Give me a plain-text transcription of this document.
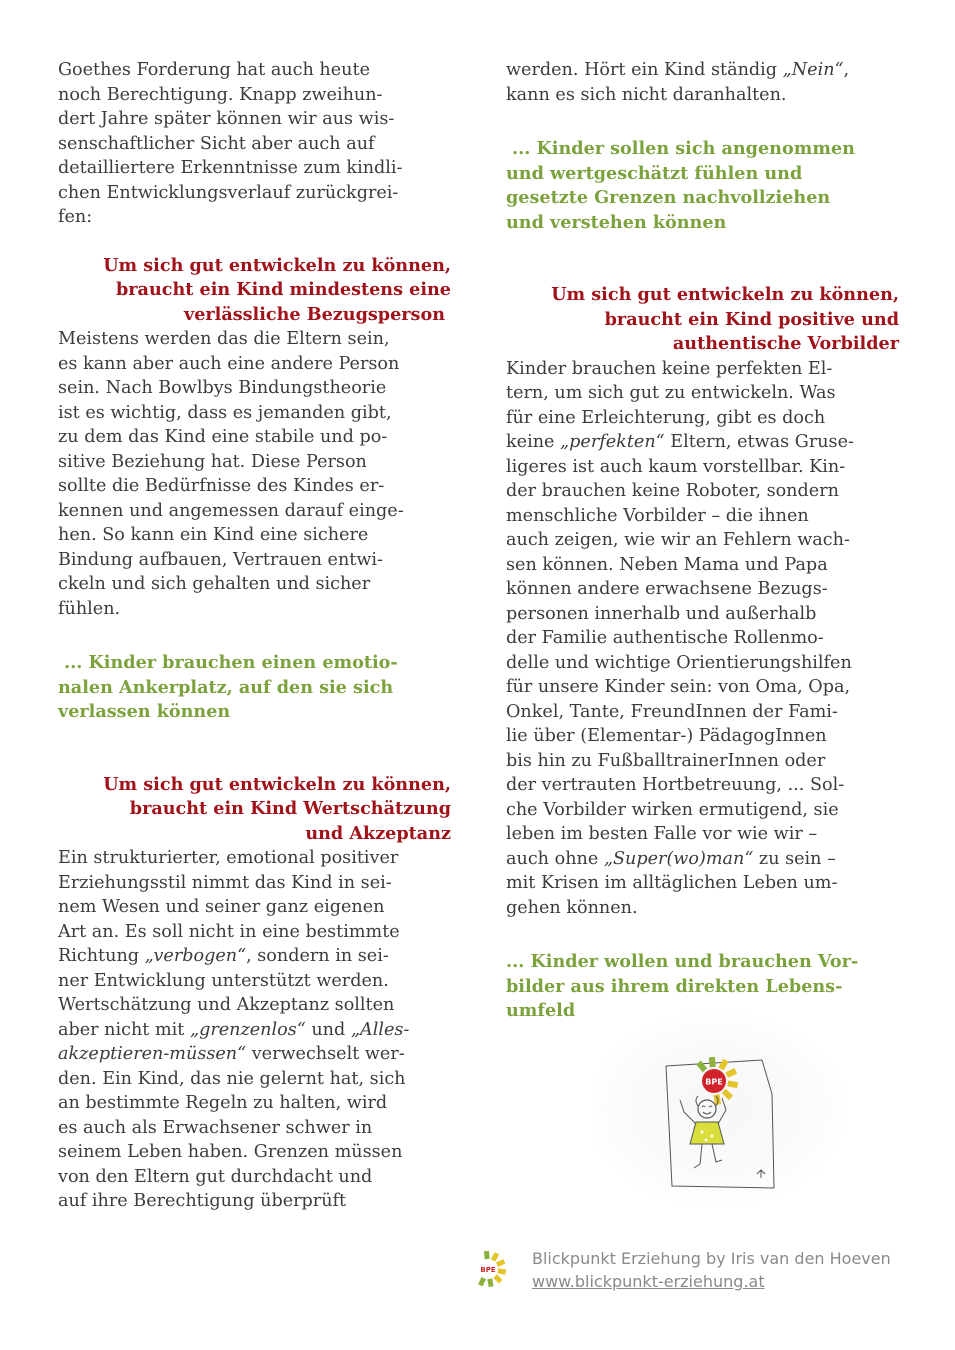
Goethes Forderung hat auch heute
noch Berechtigung. Knapp zweihun-
dert Jahre später können wir aus wis-
senschaftlicher Sicht aber auch auf
detailliertere Erkenntnisse zum kindli-
chen Entwicklungsverlauf zurückgrei-
fen:
Um sich gut entwickeln zu können,
braucht ein Kind mindestens eine
verlässliche Bezugsperson
Meistens werden das die Eltern sein,
es kann aber auch eine andere Person
sein. Nach Bowlbys Bindungstheorie
ist es wichtig, dass es jemanden gibt,
zu dem das Kind eine stabile und po-
sitive Beziehung hat. Diese Person
sollte die Bedürfnisse des Kindes er-
kennen und angemessen darauf einge-
hen. So kann ein Kind eine sichere
Bindung aufbauen, Vertrauen entwi-
ckeln und sich gehalten und sicher
fühlen.
... Kinder brauchen einen emotio-
nalen Ankerplatz, auf den sie sich
verlassen können
Um sich gut entwickeln zu können,
braucht ein Kind Wertschätzung
und Akzeptanz
Ein strukturierter, emotional positiver
Erziehungsstil nimmt das Kind in sei-
nem Wesen und seiner ganz eigenen
Art an. Es soll nicht in eine bestimmte
Richtung „verbogen“, sondern in sei-
ner Entwicklung unterstützt werden.
Wertschätzung und Akzeptanz sollten
aber nicht mit „grenzenlos“ und „Alles-
akzeptieren-müssen“ verwechselt wer-
den. Ein Kind, das nie gelernt hat, sich
an bestimmte Regeln zu halten, wird
es auch als Erwachsener schwer in
seinem Leben haben. Grenzen müssen
von den Eltern gut durchdacht und
auf ihre Berechtigung überprüft
werden. Hört ein Kind ständig „Nein“,
kann es sich nicht daranhalten.
... Kinder sollen sich angenommen
und wertgeschätzt fühlen und
gesetzte Grenzen nachvollziehen
und verstehen können
Um sich gut entwickeln zu können,
braucht ein Kind positive und
authentische Vorbilder
Kinder brauchen keine perfekten El-
tern, um sich gut zu entwickeln. Was
für eine Erleichterung, gibt es doch
keine „perfekten“ Eltern, etwas Gruse-
ligeres ist auch kaum vorstellbar. Kin-
der brauchen keine Roboter, sondern
menschliche Vorbilder – die ihnen
auch zeigen, wie wir an Fehlern wach-
sen können. Neben Mama und Papa
können andere erwachsene Bezugs-
personen innerhalb und außerhalb
der Familie authentische Rollenmo-
delle und wichtige Orientierungshilfen
für unsere Kinder sein: von Oma, Opa,
Onkel, Tante, FreundInnen der Fami-
lie über (Elementar-) PädagogInnen
bis hin zu FußballtrainerInnen oder
der vertrauten Hortbetreuung, ... Sol-
che Vorbilder wirken ermutigend, sie
leben im besten Falle vor wie wir –
auch ohne „Super(wo)man“ zu sein –
mit Krisen im alltäglichen Leben um-
gehen können.
... Kinder wollen und brauchen Vor-
bilder aus ihrem direkten Lebens-
umfeld
BPE
BPE
Blickpunkt Erziehung by Iris van den Hoeven
www.blickpunkt-erziehung.at
